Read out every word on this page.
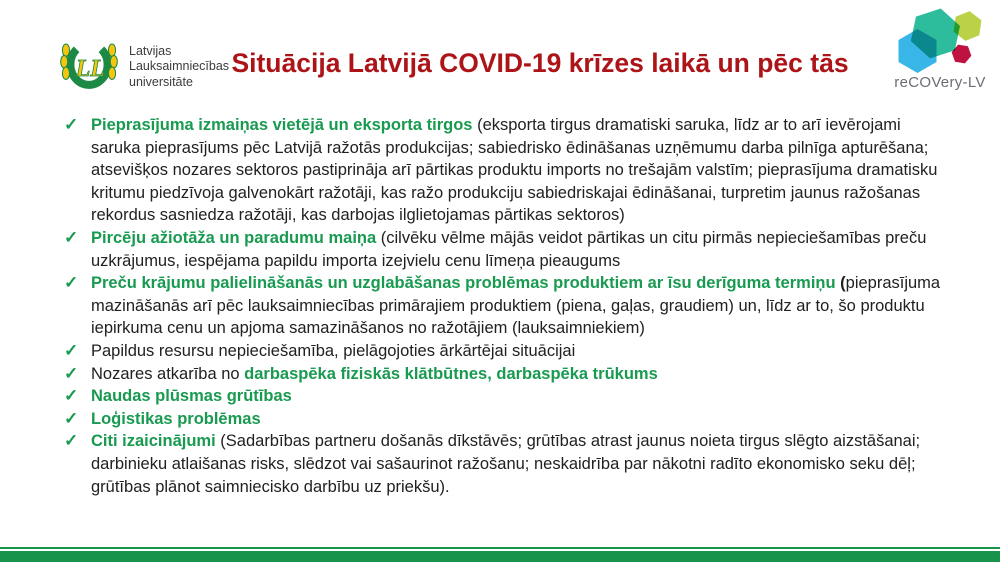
LL
Latvijas
Lauksaimniecības
universitāte
Situācija Latvijā COVID-19 krīzes laikā un pēc tās
reCOVery-LV
✓ Pieprasījuma izmaiņas vietējā un eksporta tirgos (eksporta tirgus dramatiski saruka, līdz ar to arī ievērojami saruka pieprasījums pēc Latvijā ražotās produkcijas; sabiedrisko ēdināšanas uzņēmumu darba pilnīga apturēšana; atsevišķos nozares sektoros pastiprināja arī pārtikas produktu imports no trešajām valstīm; pieprasījuma dramatisku kritumu piedzīvoja galvenokārt ražotāji, kas ražo produkciju sabiedriskajai ēdināšanai, turpretim jaunus ražošanas rekordus sasniedza ražotāji, kas darbojas ilglietojamas pārtikas sektoros)
✓ Pircēju ažiotāža un paradumu maiņa (cilvēku vēlme mājās veidot pārtikas un citu pirmās nepieciešamības preču uzkrājumus, iespējama papildu importa izejvielu cenu līmeņa pieaugums
✓ Preču krājumu palielināšanās un uzglabāšanas problēmas produktiem ar īsu derīguma termiņu (pieprasījuma mazināšanās arī pēc lauksaimniecības primārajiem produktiem (piena, gaļas, graudiem) un, līdz ar to, šo produktu iepirkuma cenu un apjoma samazināšanos no ražotājiem (lauksaimniekiem)
✓ Papildus resursu nepieciešamība, pielāgojoties ārkārtējai situācijai
✓ Nozares atkarība no darbaspēka fiziskās klātbūtnes, darbaspēka trūkums
✓ Naudas plūsmas grūtības
✓ Loģistikas problēmas
✓ Citi izaicinājumi (Sadarbības partneru došanās dīkstāvēs; grūtības atrast jaunus noieta tirgus slēgto aizstāšanai; darbinieku atlaišanas risks, slēdzot vai sašaurinot ražošanu; neskaidrība par nākotni radīto ekonomisko seku dēļ; grūtības plānot saimniecisko darbību uz priekšu).
